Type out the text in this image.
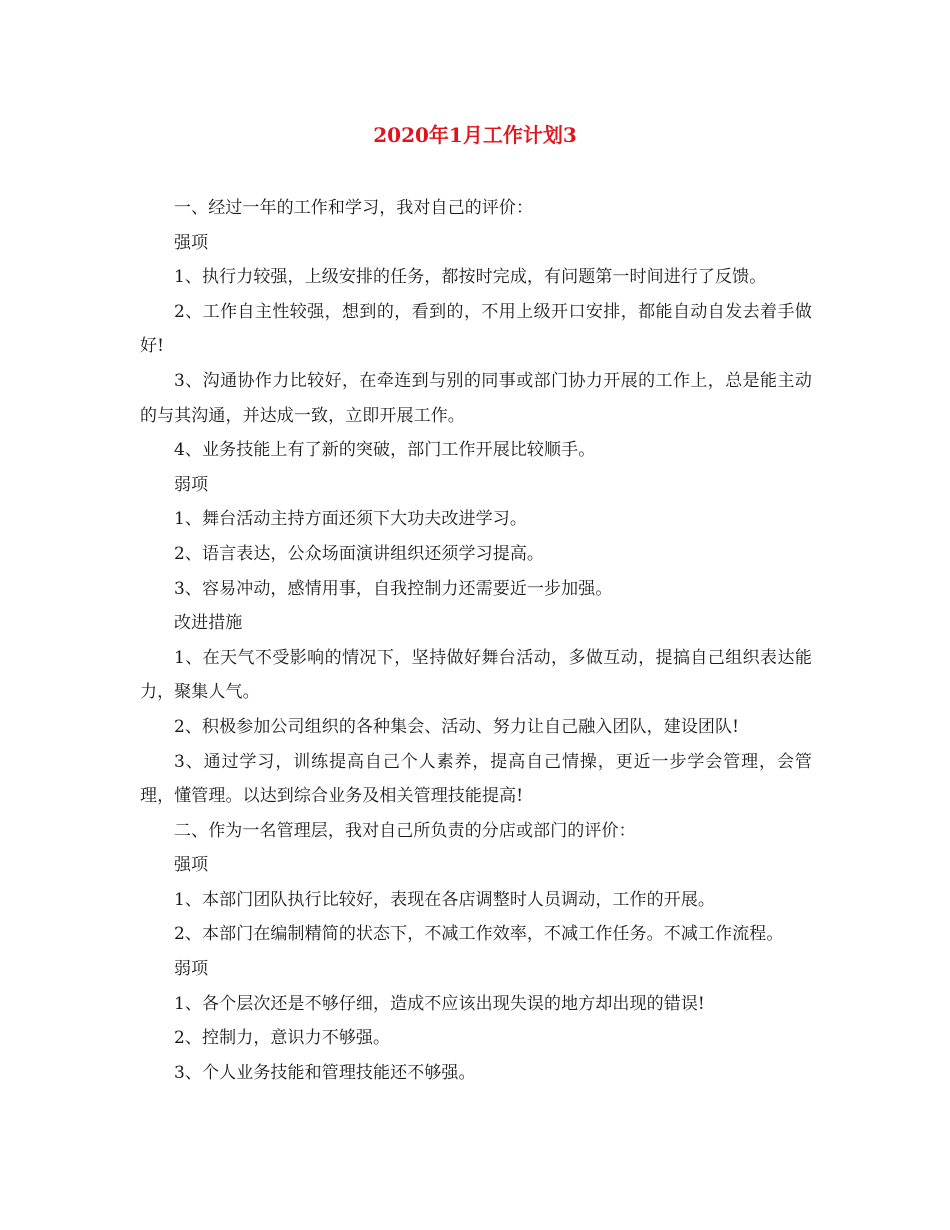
2020年1月工作计划3

一、经过一年的工作和学习，我对自己的评价：

强项

1、执行力较强，上级安排的任务，都按时完成，有问题第一时间进行了反馈。

2、工作自主性较强，想到的，看到的，不用上级开口安排，都能自动自发去着手做好!

3、沟通协作力比较好，在牵连到与别的同事或部门协力开展的工作上，总是能主动的与其沟通，并达成一致，立即开展工作。

4、业务技能上有了新的突破，部门工作开展比较顺手。

弱项

1、舞台活动主持方面还须下大功夫改进学习。

2、语言表达，公众场面演讲组织还须学习提高。

3、容易冲动，感情用事，自我控制力还需要近一步加强。

改进措施

1、在天气不受影响的情况下，坚持做好舞台活动，多做互动，提搞自己组织表达能力，聚集人气。

2、积极参加公司组织的各种集会、活动、努力让自己融入团队，建设团队!

3、通过学习，训练提高自己个人素养，提高自己情操，更近一步学会管理，会管理，懂管理。以达到综合业务及相关管理技能提高!

二、作为一名管理层，我对自己所负责的分店或部门的评价：

强项

1、本部门团队执行比较好，表现在各店调整时人员调动，工作的开展。

2、本部门在编制精简的状态下，不减工作效率，不减工作任务。不减工作流程。

弱项

1、各个层次还是不够仔细，造成不应该出现失误的地方却出现的错误!

2、控制力，意识力不够强。

3、个人业务技能和管理技能还不够强。
